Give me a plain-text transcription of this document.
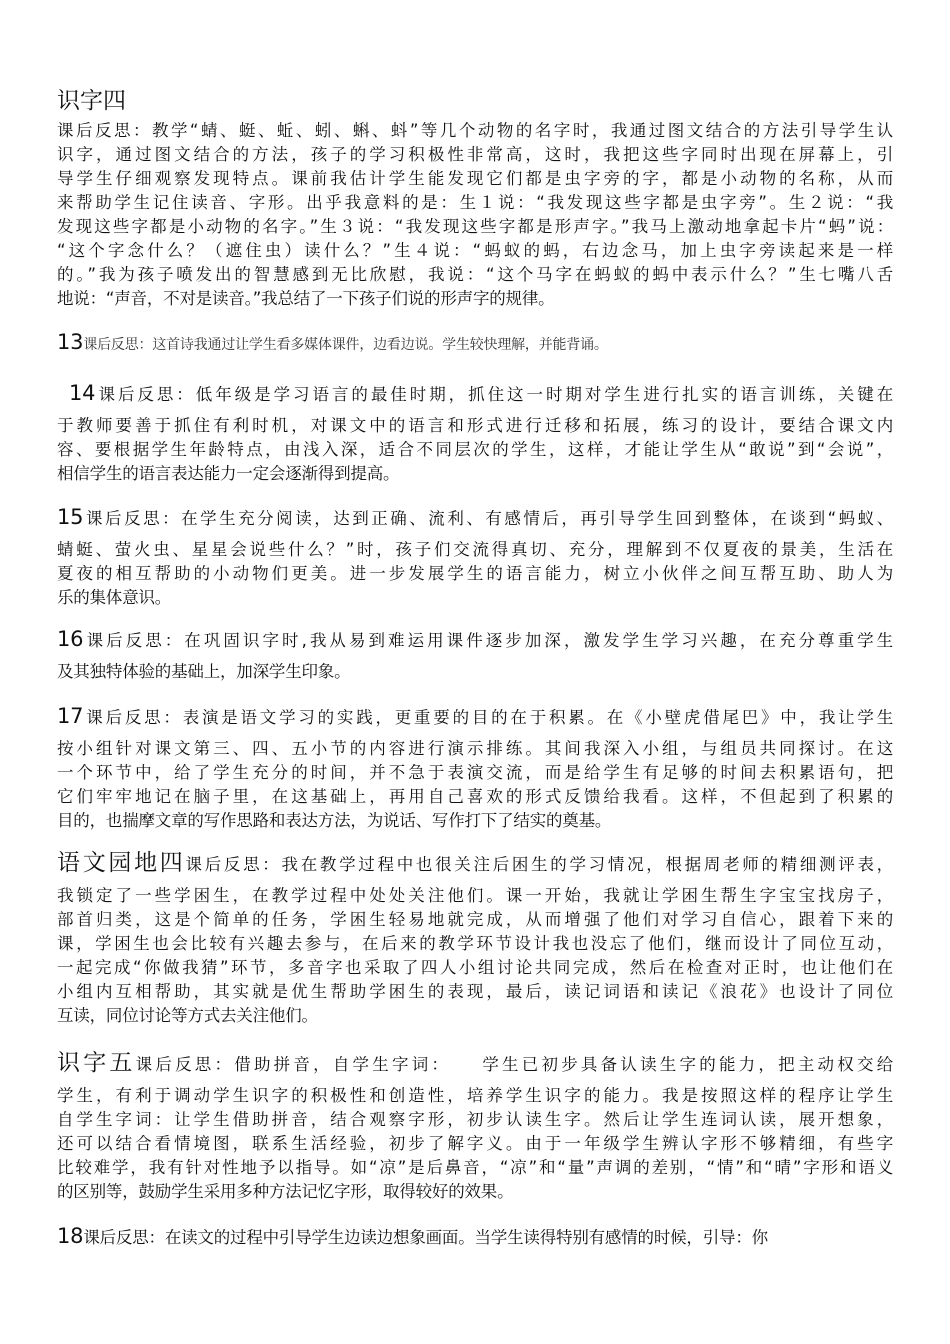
识字四
课后反思：教学“蜻、蜓、蚯、蚓、蝌、蚪”等几个动物的名字时，我通过图文结合的方法引导学生认
识字，通过图文结合的方法，孩子的学习积极性非常高，这时，我把这些字同时出现在屏幕上，引
导学生仔细观察发现特点。课前我估计学生能发现它们都是虫字旁的字，都是小动物的名称，从而
来帮助学生记住读音、字形。出乎我意料的是：生１说：“我发现这些字都是虫字旁”。生２说：“我
发现这些字都是小动物的名字。”生３说：“我发现这些字都是形声字。”我马上激动地拿起卡片“蚂”说：
“这个字念什么？（遮住虫）读什么？”生４说：“蚂蚁的蚂，右边念马，加上虫字旁读起来是一样
的。”我为孩子喷发出的智慧感到无比欣慰，我说：“这个马字在蚂蚁的蚂中表示什么？”生七嘴八舌
地说：“声音，不对是读音。”我总结了一下孩子们说的形声字的规律。
13课后反思：这首诗我通过让学生看多媒体课件，边看边说。学生较快理解，并能背诵。
14课后反思：低年级是学习语言的最佳时期，抓住这一时期对学生进行扎实的语言训练，关键在
于教师要善于抓住有利时机，对课文中的语言和形式进行迁移和拓展，练习的设计，要结合课文内
容、要根据学生年龄特点，由浅入深，适合不同层次的学生，这样，才能让学生从“敢说”到“会说”，
相信学生的语言表达能力一定会逐渐得到提高。
15课后反思：在学生充分阅读，达到正确、流利、有感情后，再引导学生回到整体，在谈到“蚂蚁、
蜻蜓、萤火虫、星星会说些什么？”时，孩子们交流得真切、充分，理解到不仅夏夜的景美，生活在
夏夜的相互帮助的小动物们更美。进一步发展学生的语言能力，树立小伙伴之间互帮互助、助人为
乐的集体意识。
16课后反思：在巩固识字时,我从易到难运用课件逐步加深，激发学生学习兴趣，在充分尊重学生
及其独特体验的基础上，加深学生印象。
17课后反思：表演是语文学习的实践，更重要的目的在于积累。在《小壁虎借尾巴》中，我让学生
按小组针对课文第三、四、五小节的内容进行演示排练。其间我深入小组，与组员共同探讨。在这
一个环节中，给了学生充分的时间，并不急于表演交流，而是给学生有足够的时间去积累语句，把
它们牢牢地记在脑子里，在这基础上，再用自己喜欢的形式反馈给我看。这样，不但起到了积累的
目的，也揣摩文章的写作思路和表达方法，为说话、写作打下了结实的奠基。
语文园地四课后反思：我在教学过程中也很关注后困生的学习情况，根据周老师的精细测评表，
我锁定了一些学困生，在教学过程中处处关注他们。课一开始，我就让学困生帮生字宝宝找房子，
部首归类，这是个简单的任务，学困生轻易地就完成，从而增强了他们对学习自信心，跟着下来的
课，学困生也会比较有兴趣去参与，在后来的教学环节设计我也没忘了他们，继而设计了同位互动，
一起完成“你做我猜”环节，多音字也采取了四人小组讨论共同完成，然后在检查对正时，也让他们在
小组内互相帮助，其实就是优生帮助学困生的表现，最后，读记词语和读记《浪花》也设计了同位
互读，同位讨论等方式去关注他们。
识字五课后反思：借助拼音，自学生字词：　　学生已初步具备认读生字的能力，把主动权交给
学生，有利于调动学生识字的积极性和创造性，培养学生识字的能力。我是按照这样的程序让学生
自学生字词：让学生借助拼音，结合观察字形，初步认读生字。然后让学生连词认读，展开想象，
还可以结合看情境图，联系生活经验，初步了解字义。由于一年级学生辨认字形不够精细，有些字
比较难学，我有针对性地予以指导。如“凉”是后鼻音，“凉”和“量”声调的差别，“情”和“晴”字形和语义
的区别等，鼓励学生采用多种方法记忆字形，取得较好的效果。
18课后反思：在读文的过程中引导学生边读边想象画面。当学生读得特别有感情的时候，引导：你
